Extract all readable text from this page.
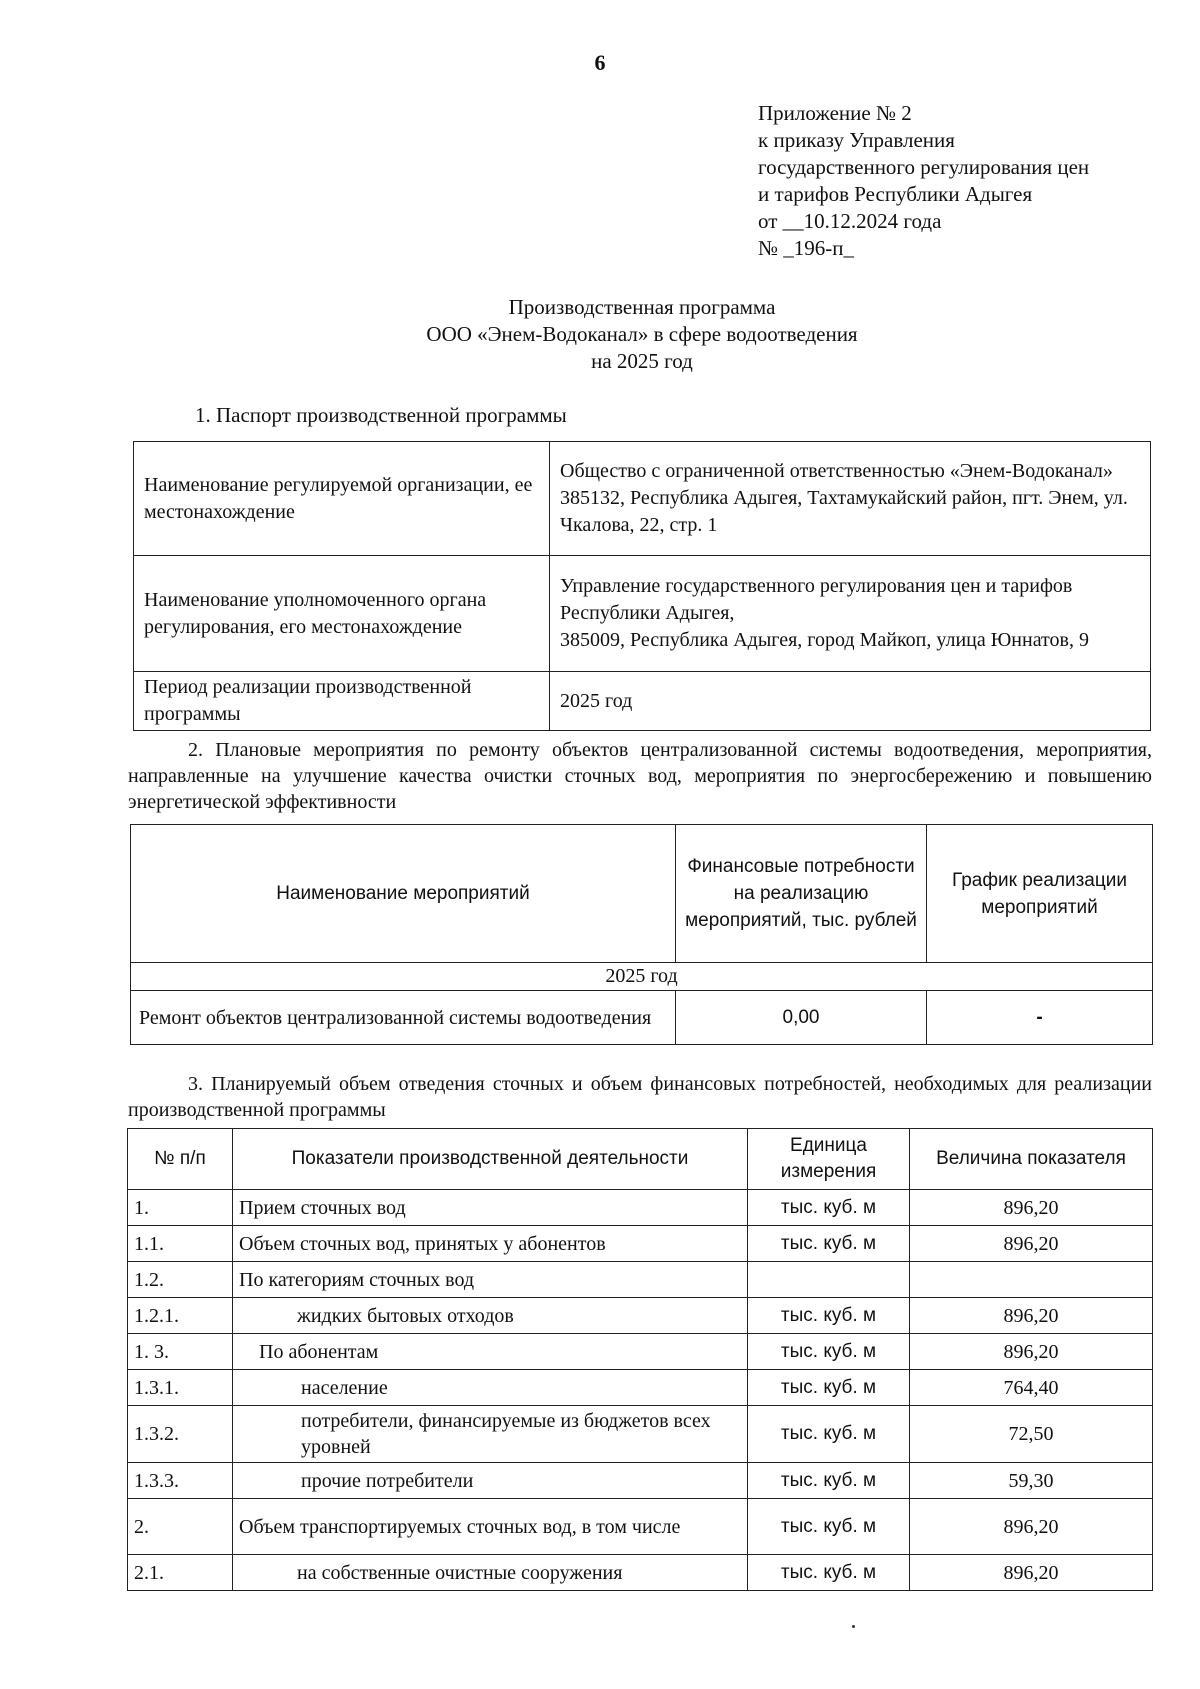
6
Приложение № 2
к приказу Управления
государственного регулирования цен
и тарифов Республики Адыгея
от __10.12.2024 года
№ _196-п_
Производственная программа
ООО «Энем-Водоканал» в сфере водоотведения
на 2025 год
1. Паспорт производственной программы
Наименование регулируемой организации, ее местонахождение	Общество с ограниченной ответственностью «Энем-Водоканал»
385132, Республика Адыгея, Тахтамукайский район, пгт. Энем, ул. Чкалова, 22, стр. 1

Наименование уполномоченного органа регулирования, его местонахождение	Управление государственного регулирования цен и тарифов Республики Адыгея,
385009, Республика Адыгея, город Майкоп, улица Юннатов, 9

Период реализации производственной программы	2025 год
2. Плановые мероприятия по ремонту объектов централизованной системы водоотведения, мероприятия, направленные на улучшение качества очистки сточных вод, мероприятия по энергосбережению и повышению энергетической эффективности
Наименование мероприятий	Финансовые потребности на реализацию мероприятий, тыс. рублей	График реализации мероприятий
2025 год		
Ремонт объектов централизованной системы водоотведения	0,00	-
3. Планируемый объем отведения сточных и объем финансовых потребностей, необходимых для реализации производственной программы
№ п/п	Показатели производственной деятельности	Единица измерения	Величина показателя
1.	Прием сточных вод	тыс. куб. м	896,20
1.1.	Объем сточных вод, принятых у абонентов	тыс. куб. м	896,20
1.2.	По категориям сточных вод		
1.2.1.	жидких бытовых отходов	тыс. куб. м	896,20
1. 3.	По абонентам	тыс. куб. м	896,20
1.3.1.	население	тыс. куб. м	764,40
1.3.2.	потребители, финансируемые из бюджетов всех уровней	тыс. куб. м	72,50
1.3.3.	прочие потребители	тыс. куб. м	59,30
2.	Объем транспортируемых сточных вод, в том числе	тыс. куб. м	896,20
2.1.	на собственные очистные сооружения	тыс. куб. м	896,20
